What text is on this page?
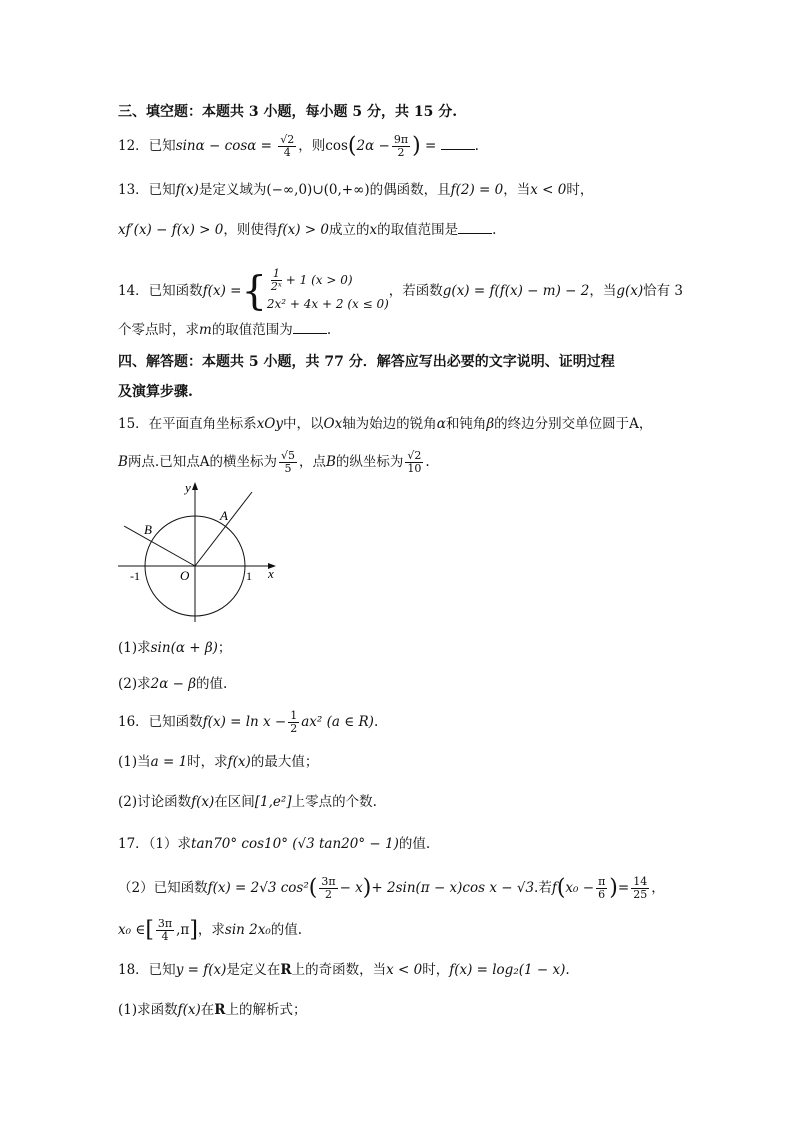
三、填空题：本题共 3 小题，每小题 5 分，共 15 分.
12．已知$\sin\alpha - \cos\alpha = \frac{√2}{4}$ ，则$\cos(2\alpha - \frac{9\pi}{2}$ ) =	.
13．已知f(x)是定义域为(−∞,0)∪(0,+∞)的偶函数，且f(2) = 0，当x < 0时，
xf′(x) − f(x) > 0，则使得f(x) > 0成立的x的取值范围是	.
14．已知函数f(x) ={ $\frac{1}{\text{2ˣ}} + 1$ (x > 0)
2x² + 4x + 2 (x ≤ 0)
，若函数g(x) = f(f(x) − m) − 2，当g(x)恰有 3
个零点时，求m的取值范围为	.
四、解答题：本题共 5 小题，共 77 分．解答应写出必要的文字说明、证明过程
及演算步骤.
15．在平面直角坐标系xOy中，以Ox轴为始边的锐角α和钝角β的终边分别交单位圆于A，
B两点.已知点A的横坐标为 $\frac{√5}{5}$ ，点B的纵坐标为 $\frac{√2}{10}$ .
y
x
A
B
O
-1	1
(1)求sin(α + β)；
(2)求2α − β的值.
16．已知函数$f(x) = \ln x - \frac{1}{2} ax^2$ (a ∈ R).
(1)当a = 1时，求f(x)的最大值；
(2)讨论函数f(x)在区间[1,e²]上零点的个数.
17．（1）求tan70° cos10° (√3 tan20° − 1)的值.
（2）已知函数f(x) = 2√3 $\cos^2( \frac{3\pi}{2} - x)+ 2\sin(\pi - x)\cos$ x − √3.若$f(x_0 - \frac{\pi}{6}$ )= $\frac{14}{25}$ ，
x₀ ∈[ $\frac{3\pi}{4} ,\pi$]，求sin 2x₀的值.
18．已知y = f(x)是定义在R上的奇函数，当x < 0时，f(x) = log₂(1 − x).
(1)求函数f(x)在R上的解析式；
